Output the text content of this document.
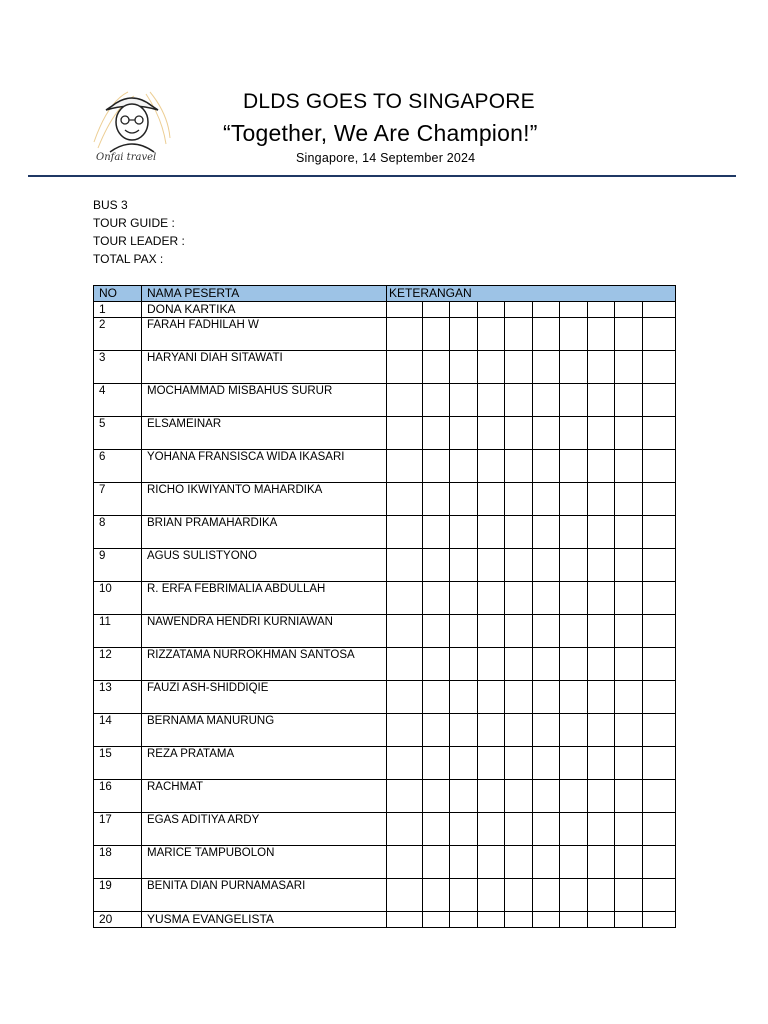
Onfai travel
DLDS GOES TO SINGAPORE
“Together, We Are Champion!”
Singapore, 14 September 2024
BUS 3
TOUR GUIDE :
TOUR LEADER :
TOTAL PAX :
NO	NAMA PESERTA	KETERANGAN									
1	DONA KARTIKA										
2	FARAH FADHILAH W										
3	HARYANI DIAH SITAWATI										
4	MOCHAMMAD MISBAHUS SURUR										
5	ELSAMEINAR										
6	YOHANA FRANSISCA WIDA IKASARI										
7	RICHO IKWIYANTO MAHARDIKA										
8	BRIAN PRAMAHARDIKA										
9	AGUS SULISTYONO										
10	R. ERFA FEBRIMALIA ABDULLAH										
11	NAWENDRA HENDRI KURNIAWAN										
12	RIZZATAMA NURROKHMAN SANTOSA										
13	FAUZI ASH-SHIDDIQIE										
14	BERNAMA MANURUNG										
15	REZA PRATAMA										
16	RACHMAT										
17	EGAS ADITIYA ARDY										
18	MARICE TAMPUBOLON										
19	BENITA DIAN PURNAMASARI										
20	YUSMA EVANGELISTA										
